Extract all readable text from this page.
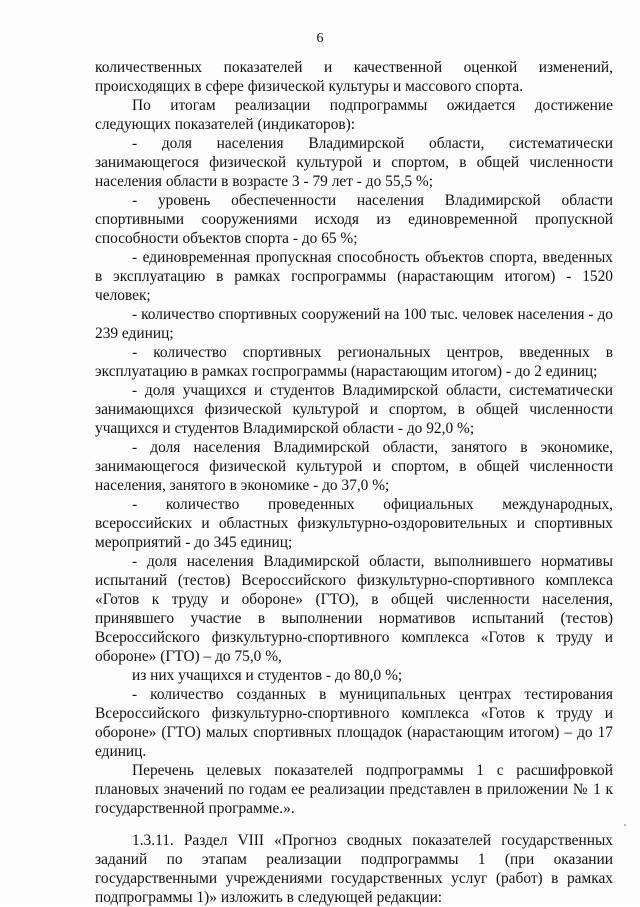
6

количественных показателей и качественной оценкой изменений, происходящих в сфере физической культуры и массового спорта.

По итогам реализации подпрограммы ожидается достижение следующих показателей (индикаторов):

- доля населения Владимирской области, систематически занимающегося физической культурой и спортом, в общей численности населения области в возрасте 3 - 79 лет - до 55,5 %;

- уровень обеспеченности населения Владимирской области спортивными сооружениями исходя из единовременной пропускной способности объектов спорта - до 65 %;

- единовременная пропускная способность объектов спорта, введенных в эксплуатацию в рамках госпрограммы (нарастающим итогом) - 1520 человек;

- количество спортивных сооружений на 100 тыс. человек населения - до 239 единиц;

- количество спортивных региональных центров, введенных в эксплуатацию в рамках госпрограммы (нарастающим итогом) - до 2 единиц;

- доля учащихся и студентов Владимирской области, систематически занимающихся физической культурой и спортом, в общей численности учащихся и студентов Владимирской области - до 92,0 %;

- доля населения Владимирской области, занятого в экономике, занимающегося физической культурой и спортом, в общей численности населения, занятого в экономике - до 37,0 %;

- количество проведенных официальных международных, всероссийских и областных физкультурно-оздоровительных и спортивных мероприятий - до 345 единиц;

- доля населения Владимирской области, выполнившего нормативы испытаний (тестов) Всероссийского физкультурно-спортивного комплекса «Готов к труду и обороне» (ГТО), в общей численности населения, принявшего участие в выполнении нормативов испытаний (тестов) Всероссийского физкультурно-спортивного комплекса «Готов к труду и обороне» (ГТО) – до 75,0 %,

из них учащихся и студентов - до 80,0 %;

- количество созданных в муниципальных центрах тестирования Всероссийского физкультурно-спортивного комплекса «Готов к труду и обороне» (ГТО) малых спортивных площадок (нарастающим итогом) – до 17 единиц.

Перечень целевых показателей подпрограммы 1 с расшифровкой плановых значений по годам ее реализации представлен в приложении № 1 к государственной программе.».

1.3.11. Раздел VIII «Прогноз сводных показателей государственных заданий по этапам реализации подпрограммы 1 (при оказании государственными учреждениями государственных услуг (работ) в рамках подпрограммы 1)» изложить в следующей редакции:
